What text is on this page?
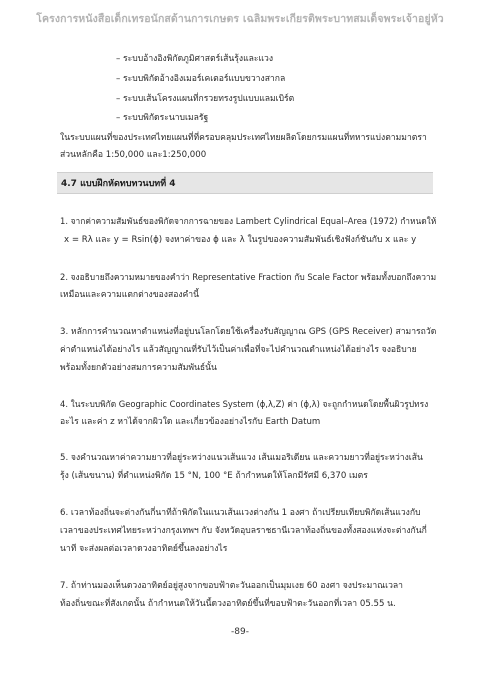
โครงการหนังสือเด็กเทรอนักสด้านการเกษตร เฉลิมพระเกียรติพระบาทสมเด็จพระเจ้าอยู่หัว
– ระบบอ้างอิงพิกัดภูมิศาสตร์เส้นรุ้งและแวง
– ระบบพิกัดอ้างอิงเมอร์เคเตอร์แบบขวางสากล
– ระบบเส้นโครงแผนที่กรวยทรงรูปแบบแลมเบิร์ต
– ระบบพิกัดระนาบเมลรัฐ
ในระบบแผนที่ของประเทศไทยแผนที่ที่ครอบคลุมประเทศไทยผลิตโดยกรมแผนที่ทหารแบ่งตามมาตรา
ส่วนหลักคือ 1:50,000 และ1:250,000
4.7 แบบฝึกหัดทบทวนบทที่ 4
1. จากค่าความสัมพันธ์ของพิกัดจากการฉายของ Lambert Cylindrical Equal–Area (1972) กำหนดให้
x = Rλ และ y = Rsin(ϕ) จงหาค่าของ ϕ และ λ ในรูปของความสัมพันธ์เชิงฟังก์ชันกับ x และ y
2. จงอธิบายถึงความหมายของคำว่า Representative Fraction กับ Scale Factor พร้อมทั้งบอกถึงความ
เหมือนและความแตกต่างของสองคำนี้
3. หลักการคำนวณหาตำแหน่งที่อยู่บนโลกโดยใช้เครื่องรับสัญญาณ GPS (GPS Receiver) สามารถวัด
ค่าตำแหน่งได้อย่างไร แล้วสัญญาณที่รับไว้เป็นค่าเพื่อที่จะไปคำนวณตำแหน่งได้อย่างไร จงอธิบาย
พร้อมทั้งยกตัวอย่างสมการความสัมพันธ์นั้น
4. ในระบบพิกัด Geographic Coordinates System (ϕ,λ,Z) ค่า (ϕ,λ) จะถูกกำหนดโดยพื้นผิวรูปทรง
อะไร และค่า z หาได้จากผิวใด และเกี่ยวข้องอย่างไรกับ Earth Datum
5. จงคำนวณหาค่าความยาวที่อยู่ระหว่างแนวเส้นแวง เส้นเมอริเดียน และความยาวที่อยู่ระหว่างเส้น
รุ้ง (เส้นขนาน) ที่ตำแหน่งพิกัด 15 °N, 100 °E ถ้ากำหนดให้โลกมีรัศมี 6,370 เมตร
6. เวลาท้องถิ่นจะต่างกันกี่นาทีถ้าพิกัดในแนวเส้นแวงต่างกัน 1 องศา ถ้าเปรียบเทียบพิกัดเส้นแวงกับ
เวลาของประเทศไทยระหว่างกรุงเทพฯ กับ จังหวัดอุบลราชธานีเวลาท้องถิ่นของทั้งสองแห่งจะต่างกันกี่
นาที จะส่งผลต่อเวลาดวงอาทิตย์ขึ้นลงอย่างไร
7. ถ้าท่านมองเห็นดวงอาทิตย์อยู่สูงจากขอบฟ้าตะวันออกเป็นมุมเงย 60 องศา จงประมาณเวลา
ท้องถิ่นขณะที่สังเกตนั้น ถ้ากำหนดให้วันนี้ดวงอาทิตย์ขึ้นที่ขอบฟ้าตะวันออกที่เวลา 05.55 น.
-89-
